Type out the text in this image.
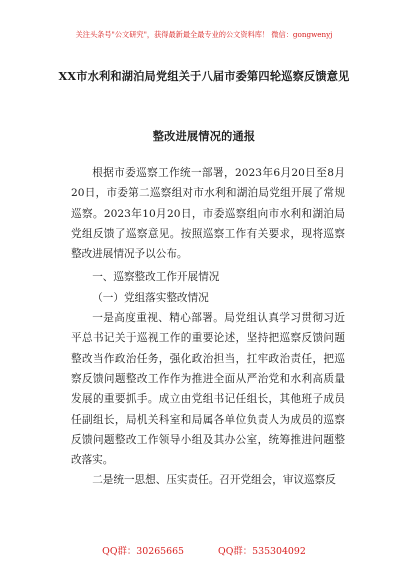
关注头条号"公文研究"，获得最新最全最专业的公文资料库！ 微信：gongwenyj
XX市水利和湖泊局党组关于八届市委第四轮巡察反馈意见
整改进展情况的通报

根据市委巡察工作统一部署，2023年6月20日至8月20日，市委第二巡察组对市水利和湖泊局党组开展了常规巡察。2023年10月20日，市委巡察组向市水利和湖泊局党组反馈了巡察意见。按照巡察工作有关要求，现将巡察整改进展情况予以公布。

一、巡察整改工作开展情况

（一）党组落实整改情况

一是高度重视、精心部署。局党组认真学习贯彻习近平总书记关于巡视工作的重要论述，坚持把巡察反馈问题整改当作政治任务，强化政治担当，扛牢政治责任，把巡察反馈问题整改工作作为推进全面从严治党和水利高质量发展的重要抓手。成立由党组书记任组长，其他班子成员任副组长，局机关科室和局属各单位负责人为成员的巡察反馈问题整改工作领导小组及其办公室，统筹推进问题整改落实。

二是统一思想、压实责任。召开党组会，审议巡察反

QQ群：30265665	QQ群：535304092
